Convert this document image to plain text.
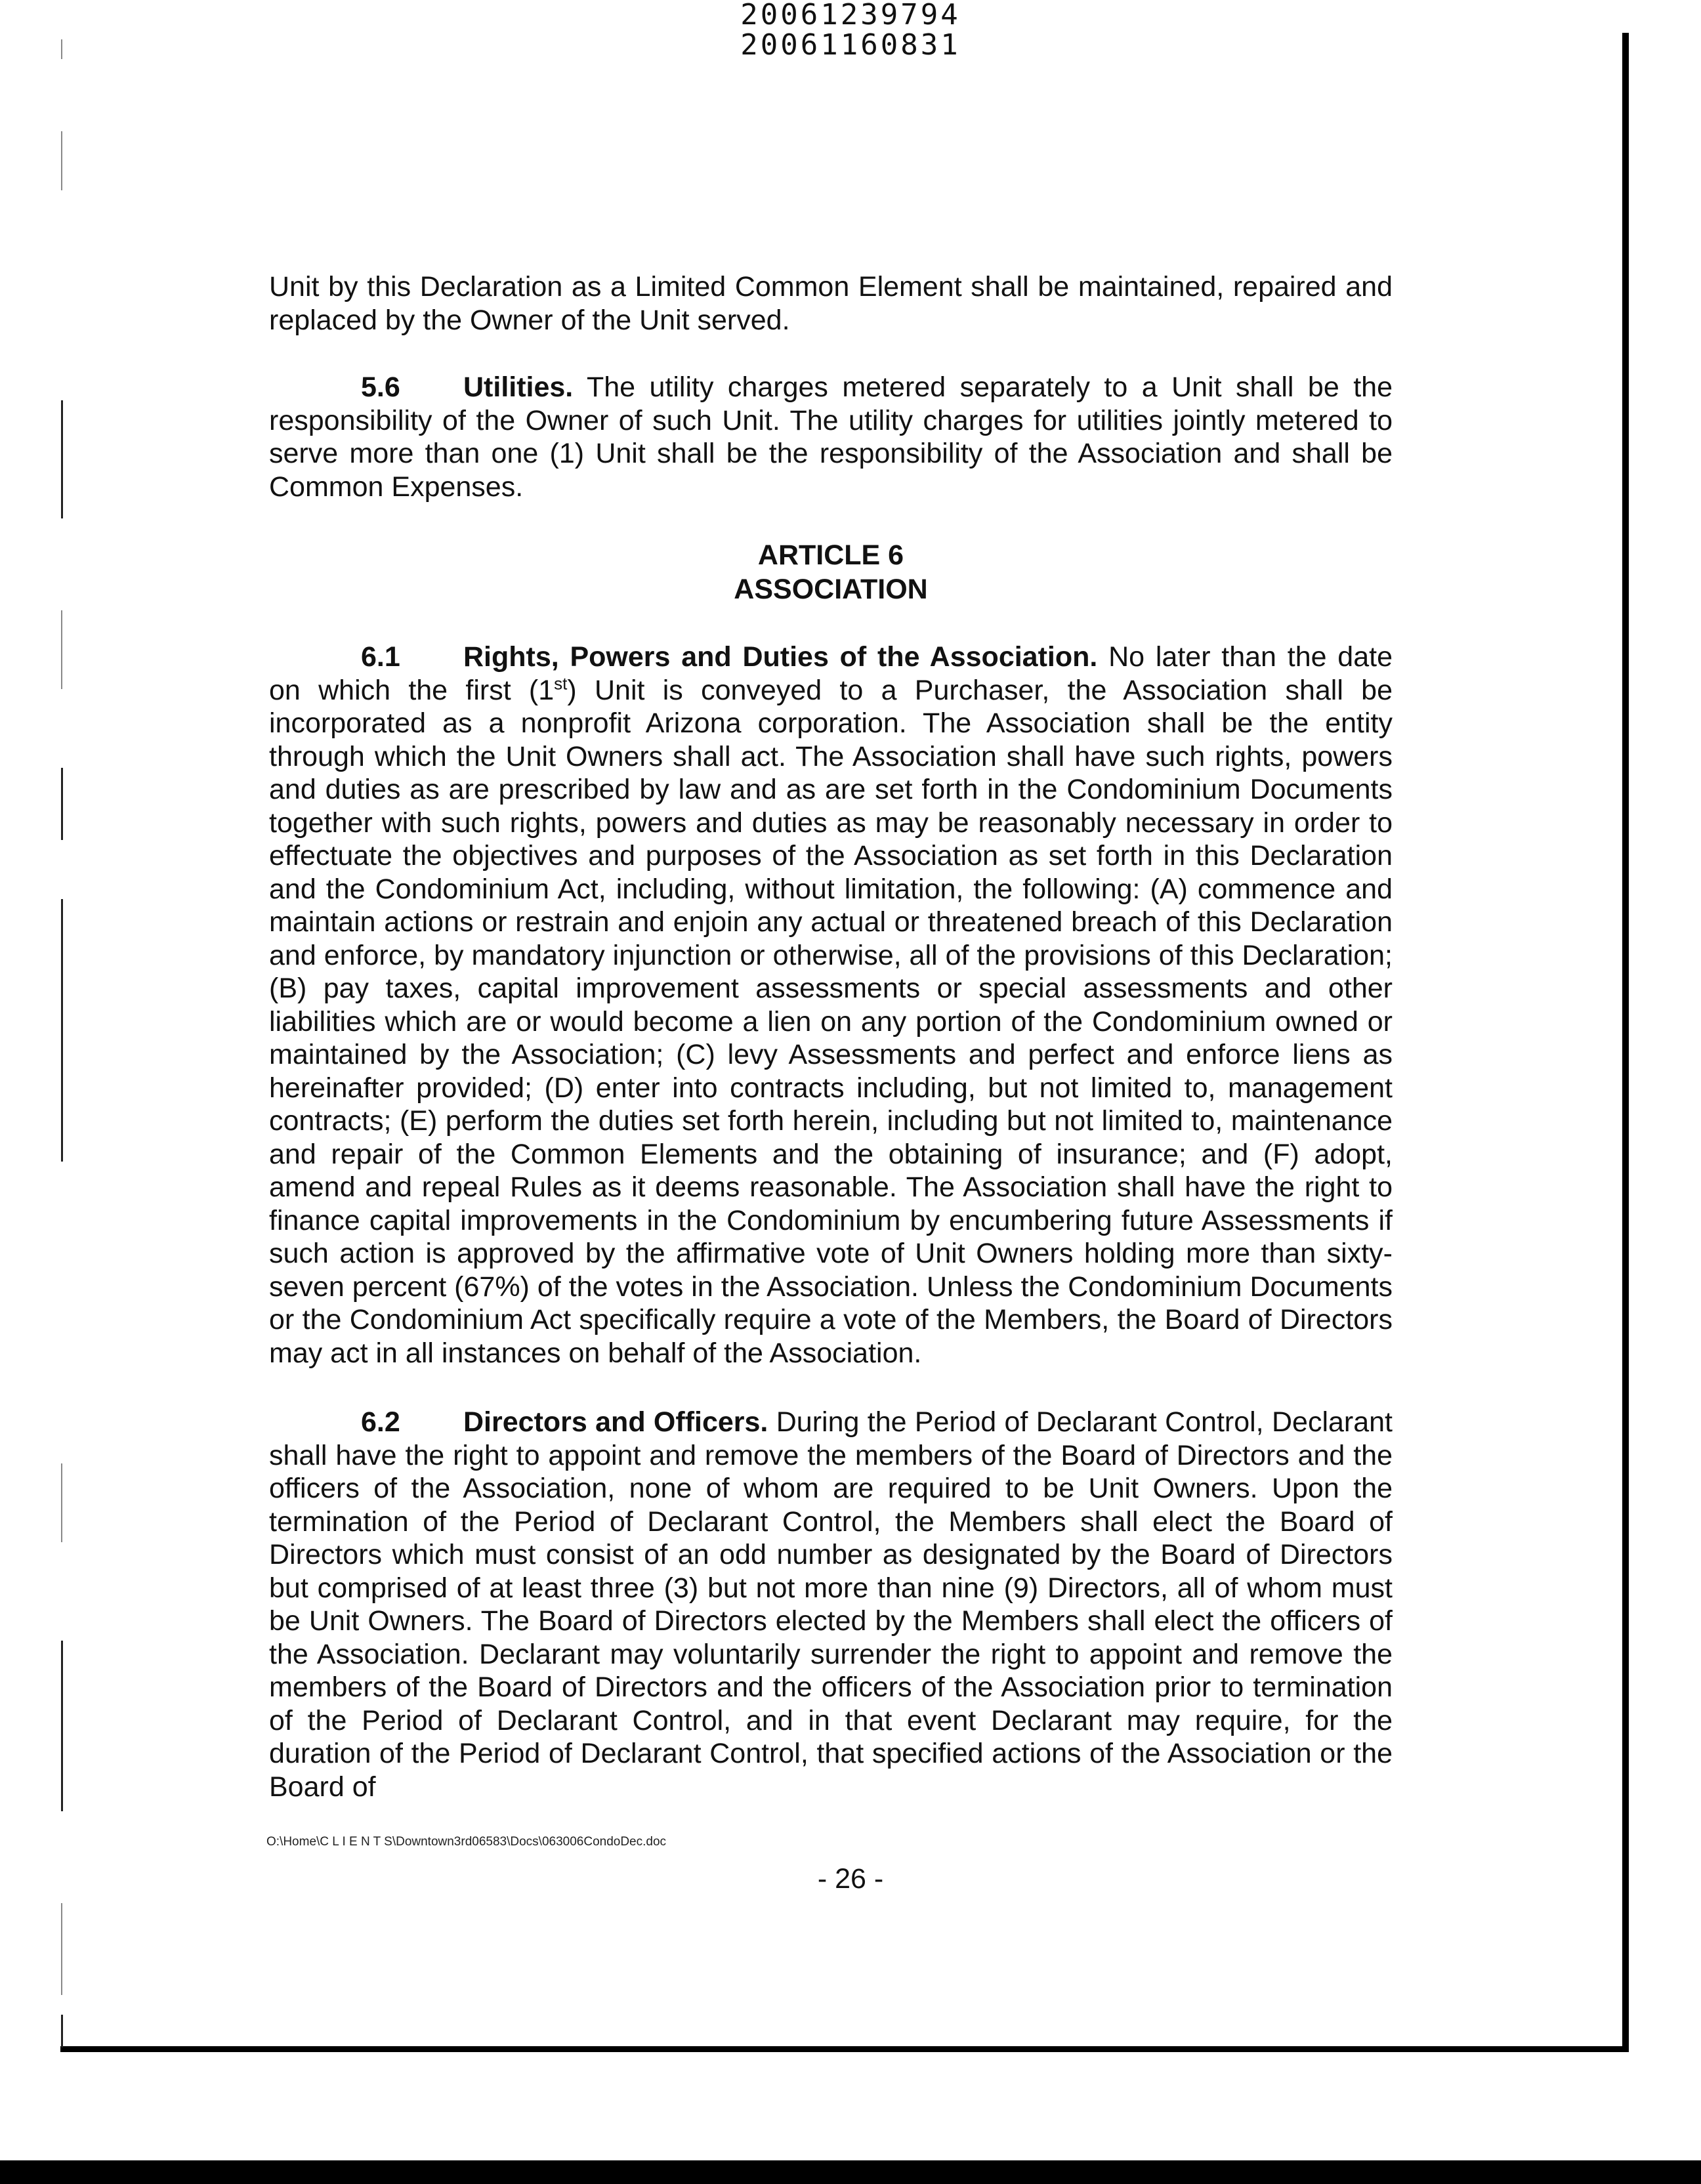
20061239794
20061160831

Unit by this Declaration as a Limited Common Element shall be maintained, repaired and replaced by the Owner of the Unit served.

5.6 Utilities. The utility charges metered separately to a Unit shall be the responsibility of the Owner of such Unit. The utility charges for utilities jointly metered to serve more than one (1) Unit shall be the responsibility of the Association and shall be Common Expenses.

ARTICLE 6
ASSOCIATION

6.1 Rights, Powers and Duties of the Association. No later than the date on which the first (1st) Unit is conveyed to a Purchaser, the Association shall be incorporated as a nonprofit Arizona corporation. The Association shall be the entity through which the Unit Owners shall act. The Association shall have such rights, powers and duties as are prescribed by law and as are set forth in the Condominium Documents together with such rights, powers and duties as may be reasonably necessary in order to effectuate the objectives and purposes of the Association as set forth in this Declaration and the Condominium Act, including, without limitation, the following: (A) commence and maintain actions or restrain and enjoin any actual or threatened breach of this Declaration and enforce, by mandatory injunction or otherwise, all of the provisions of this Declaration; (B) pay taxes, capital improvement assessments or special assessments and other liabilities which are or would become a lien on any portion of the Condominium owned or maintained by the Association; (C) levy Assessments and perfect and enforce liens as hereinafter provided; (D) enter into contracts including, but not limited to, management contracts; (E) perform the duties set forth herein, including but not limited to, maintenance and repair of the Common Elements and the obtaining of insurance; and (F) adopt, amend and repeal Rules as it deems reasonable. The Association shall have the right to finance capital improvements in the Condominium by encumbering future Assessments if such action is approved by the affirmative vote of Unit Owners holding more than sixty-seven percent (67%) of the votes in the Association. Unless the Condominium Documents or the Condominium Act specifically require a vote of the Members, the Board of Directors may act in all instances on behalf of the Association.

6.2 Directors and Officers. During the Period of Declarant Control, Declarant shall have the right to appoint and remove the members of the Board of Directors and the officers of the Association, none of whom are required to be Unit Owners. Upon the termination of the Period of Declarant Control, the Members shall elect the Board of Directors which must consist of an odd number as designated by the Board of Directors but comprised of at least three (3) but not more than nine (9) Directors, all of whom must be Unit Owners. The Board of Directors elected by the Members shall elect the officers of the Association. Declarant may voluntarily surrender the right to appoint and remove the members of the Board of Directors and the officers of the Association prior to termination of the Period of Declarant Control, and in that event Declarant may require, for the duration of the Period of Declarant Control, that specified actions of the Association or the Board of

O:\Home\C L I E N T S\Downtown3rd06583\Docs\063006CondoDec.doc
- 26 -
